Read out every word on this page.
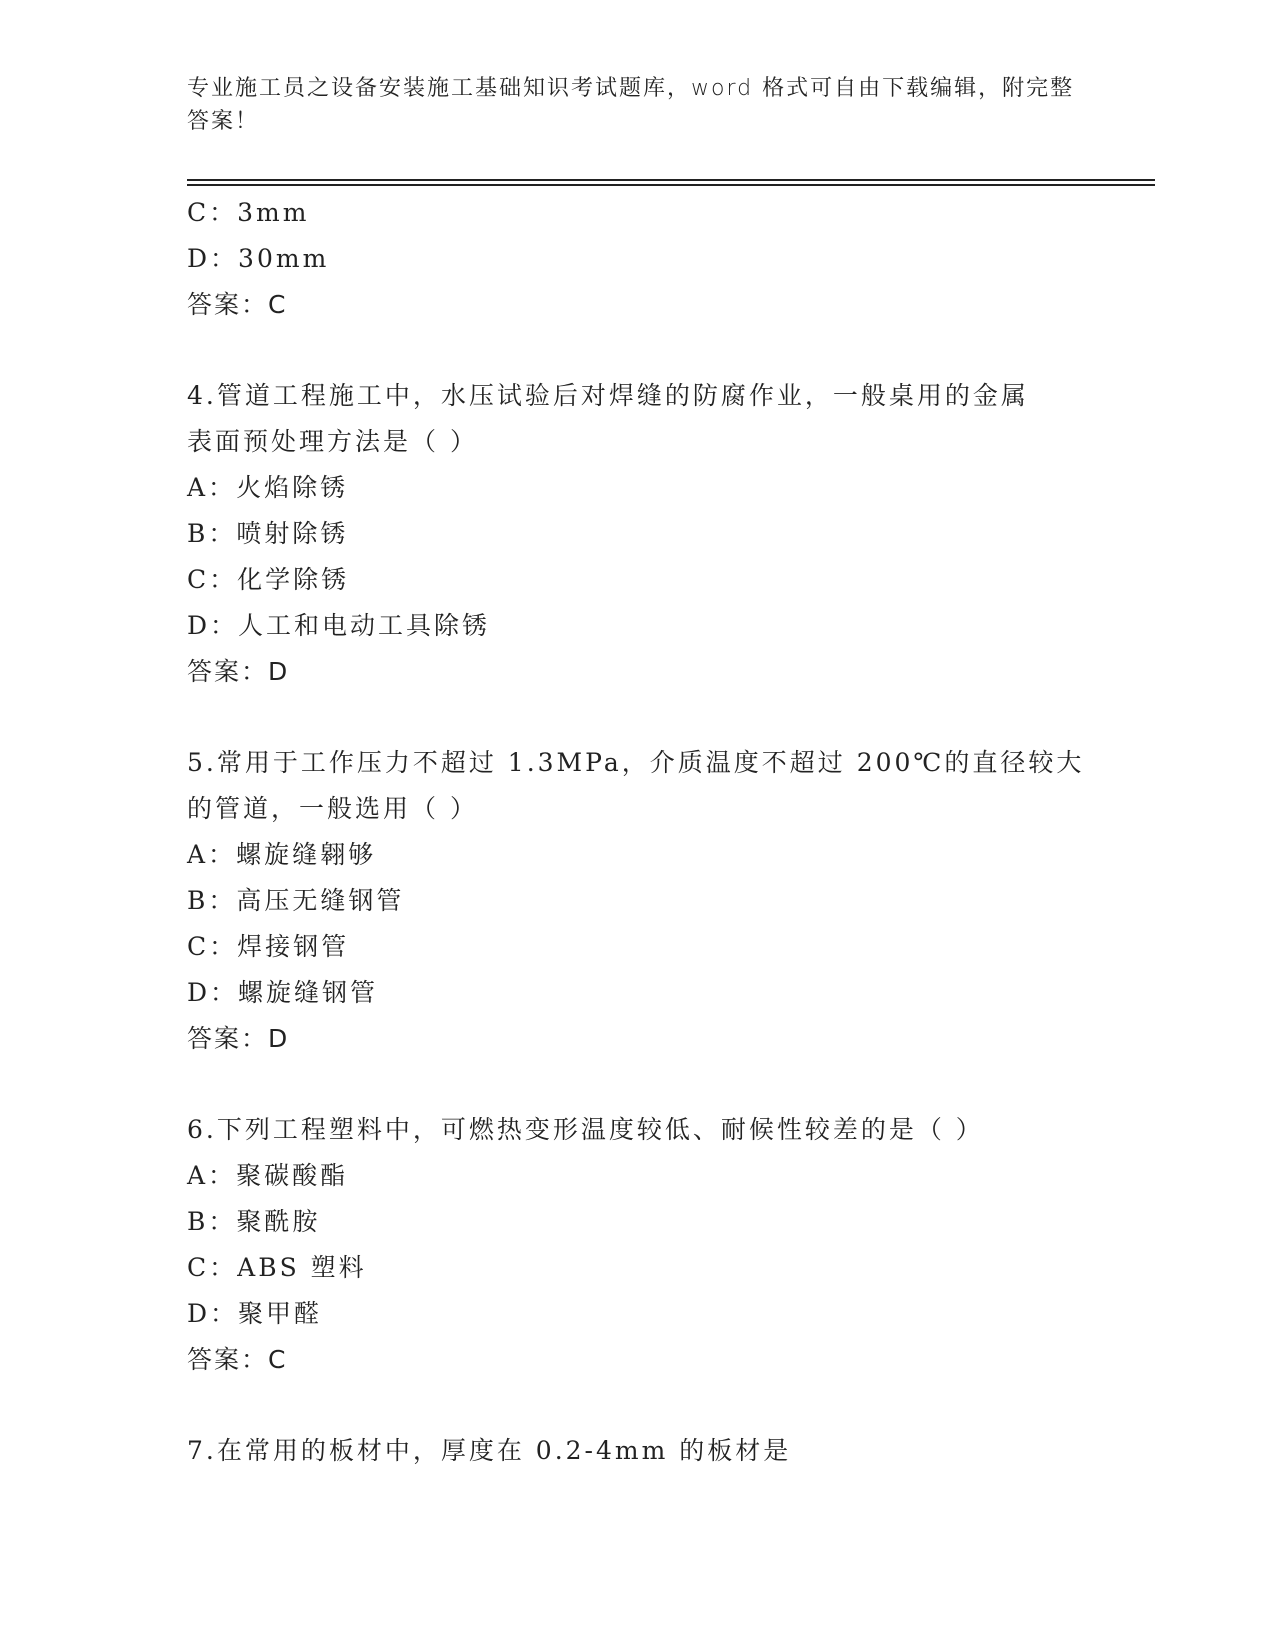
专业施工员之设备安装施工基础知识考试题库，word 格式可自由下载编辑，附完整答案！
C：3mm
D：30mm
答案：C
4.管道工程施工中，水压试验后对焊缝的防腐作业，一般桌用的金属
表面预处理方法是（ ）
A：火焰除锈
B：喷射除锈
C：化学除锈
D：人工和电动工具除锈
答案：D
5.常用于工作压力不超过 1.3MPa，介质温度不超过 200℃的直径较大
的管道，一般选用（ ）
A：螺旋缝翱够
B：高压无缝钢管
C：焊接钢管
D：螺旋缝钢管
答案：D
6.下列工程塑料中，可燃热变形温度较低、耐候性较差的是（ ）
A：聚碳酸酯
B：聚酰胺
C：ABS 塑料
D：聚甲醛
答案：C
7.在常用的板材中，厚度在 0.2-4mm 的板材是
